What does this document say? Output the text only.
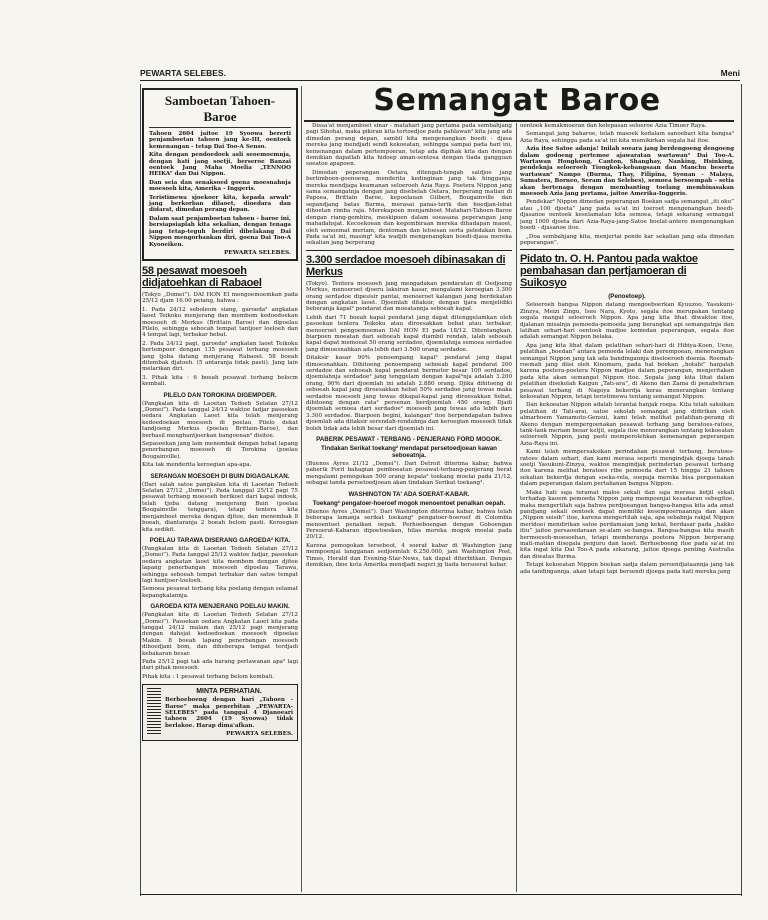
PEWARTA SELEBES.	Meni
Samboetan Tahoen-Baroe

Tahoen 2604 jaitoe 19 Syoowa bererti penjamboetan tahoen jang ke-III, oentoek kemenangan - tetap Dai Too-A Senso.

Kita dengan pendoedoek asli seoemoemnja, dengan hati jang soetji, berseroe Banzai oentoek Jang Maha Moelia „TENNOO HEIKA” dan Dai Nippon.

Dan seia dan senaksoed goena moesnahnja moesoeh kita, Amerika - Inggeris.

Teristimewa sjoekoer kita, kepada arwah² jang berkorban dilaoet, dioedara dan didarat, dimedan perang depan.

Dalam saat penjamboetan tahoen - baroe ini, bersiapsiaplah kita sekalian, dengan tenaga jang tetap-teguh berdiri dibelakang Dai Nippon mengorbankan diri, goena Dai Too-A Kyooeiken.

PEWARTA SELEBES.
58 pesawat moesoeh didjatoehkan di Rabaoel

(Tokyo „Domei”). DAI HON EI mengoemoemkan pada 25/12 djam 16.00 petang, bahwa :

1. Pada 24/12 seboleom siang, garoeda² angkatan laoet Teikoku menjerang dan membom kedoedoekan moesoeh di Merkus (Brittain Baroe) dan dipoelau Pilelo, sehingga sebocah tempat tantjoer loeloeh dan 4 tempat lagi, terbakar hebat.

2. Pada 24/12 pagi, garoeda² angkatan laoet Teikoku bertempoer dengan 135 pesawat terbang moesoeh jang tjoba datang menjerang Rabaoel. 58 boeah ditembak djatoeh. (5 antaranja tidak pasti). Jang lain melarikan diri.

3. Pihak kita : 6 boeah pesawat terbang belocm kembali.

PILELO DAN TOROKINA DIGEMPOER.

(Pangkalan kita di Laoetan Tedoeh Selatan 27/12 „Domei”). Pada tanggal 24/12 waktoe fadjar pasoekan oedara Angkatan Laoet kita telah menjerang kedoedoekan moesoeh di poelau Pilelo dekat tandjoeng Merkus (poelau Brittain-Baroe), dan berhasil menghantjoerkan bangoenan² disitoe.

Sepasoekan jang lain menembak dengan hebat lapang penerbangan moesoeh di Torokina (poelau Bougainville).

Kita tak menderita keroegian apa-apa.

SERANGAN MOESOEH DI BUIN DIGAGALKAN.

(Dari salah satoe pangkalan kita di Laoetan Tedoeh Selatan 27/12 „Domei”). Pada tanggal 25/12 pagi 75 pesawat terbang moesoeh berikoet dari kapal indoek, telah tjoba datang menjerang Buin (poelau Bougainville tenggara), tetapi tentera kita menjamboet mereka dengan djitoe, dan menembak 8 boeah, diantaranja 2 boeah belom pasti. Keroegian kita sedikit.

POELAU TARAWA DISERANG GAROEDA² KITA.

(Pangkalan kita di Laoetan Tedoeh Selatan 27/12 „Domei”). Pada tanggal 25/12 waktoe fadjar, pasoekan oedara angkatan laoet kita membom dengan djitoe lapang penerbangan moesoeh dipoelau Tarawa, sehingga seboeah tempat terbakar dan satoe tempat lagi hantjoer-loeloeh.

Semoea pesawat terbang kita poelang dengan selamat kepangkalannja.

GAROEDA KITA MENJERANG POELAU MAKIN.

(Pangkalan kita di Laoetan Tedoeh Selatan 27/12 „Domei”). Pasoekan oedara Angkatan Laoet kita pada tanggal 24/12 malam dan 25/12 pagi menjerang dengan dahsjat kedoedoekan moesoeh dipoelau Makin. 8 boeah lapang penerbangan moesoeh dihoedjani bom, dan diheberapa tempat terdjadi kebakaran besar.

Pada 25/12 pagi tak ada barang perlawanan apa² lagi dari pihak moesoeh.

Pihak kita : 1 pesawat terbang belom kembali.

MINTA PERHATIAN.

Berhoeboeng dengan hari „Tahoen - Baroe” maka penerbitan „PEWARTA-SELEBES” pada tanggal 4 Djanoeari tahoen 2604 (19 Syoowa) tidak berlakoe. Harap dima'afkan.

PEWARTA SELEBES.
Semangat Baroe

Dissa'at menjamboet sinar - matahari jang pertama pada sembahjang pagi Sihohai, maka pikiran kita tertoedjoe pada pahlawan² kita jang ada dimedan perang depan, sambil kita mengenangkan boedi - djasa mereka jang mendjadi sendi kekoeatan, sehingga sampai pada hari ini, kemenangan dalam pertempoeran, tetap ada dipihak kita dan dengan demikian dapatlah kita hidoep aman-sentosa dengan tiada gangguan soeatoe apapoen.

Dimedan peperangan Oetara, ditengah-tengah saldjoe jang bertimboen-goenoeng, menderita kedinginan jang tak hingganja, mereka mendjaga keamanan seloeroeh Azia Raya. Poetera Nippon jang sama semangatnja dengan jang disebelah Oetara, berperang matian di Papoea, Brittain Baroe, kepoelauan Gilbert, Bougainville dan sepandjang batas Burma, merasai panas-terik dan hoedjan-lebat dihoetan rimba raja. Merekapoen menjamboet Matahari-Tahoen-Baroe dengan riang-gembira, meskipoen dalam soeasana peperangan jang mahadahsjat. Kecoekoean dan kegembiraan mereka dihadapan maoet, oleh semoemat meriam, dentoman dan letoesan serta peledakan bom. Pada sa'at ini, masing² kita wadjib mengenangkan boedi-djasa mereka sekalian jang berperang

3.300 serdadoe moesoeh dibinasakan di Merkus

(Tokyo). Tentera moesoeh jang mengadakan pendaratan di Oedjoeng Merkus, menoeroet djoeru laksiran kasar, mengalami keroegian 3.300 orang serdadoe dipesisir pantai, menoeroet kalangan jang berdekatan dengan angkatan laoet. Djoemlah ditaksir, dengan tjara menjelidiki beberanja kapal² pendarat dan moeatannja seboeah kapal.

Lebih dari 71 boeah kapal pendarat jang dapat ditenggelamkan oleh pasoekan tentera Teikoku atau diroesakkan hebat atau terbakar, menoeroet pengoemoeman DAI HON EI pada 18/12. Ditentangkan, biarpoen moeatan dari seboeah kapal diambil rendah, ialah seboeah kapal dapat memoeat 50 orang serdadoe, djoemlahnja semoea serdadoe jang dimoesnahkan ada lebih dari 3.500 orang serdadoe.

Ditaksir kasar 90% penoempang kapal² pendarat jang dapat dimoesnahkan. Dihitoeng penoempang seboeah kapal pendarat 200 serdadoe dan seboeah kapal pendarat bermotor besar 100 serdadoe, djoemlahnja serdadoe² jang tenggelam dengan kapal²nja adalah 3.200 orang, 90% dari djoemlah ini adalah 2.880 orang. Djika dihitoeng di seboeah kapal jang diroesakkan hebat 50% serdadoe jang tewas maka serdadoe moesoeh jang tewas dikapal-kapal jang diroesakkan hebat, dihitoeng dengan rata² persenan berdjoemlah 450 orang. Djadi djoemlah semoea dari serdadoe² moesoeh jang tewas ada lebih dari 3.300 serdadoe. Biarpoen begini, kalangan² itoe berpendapatan bahwa djoemlah ada ditaksir serendah-rendahnja dan keroegian moesoeh tidak boleh tidak ada lebih besar dari djoemlah ini.

PABERIK PESAWAT - TERBANG - PENJERANG FORD MOGOK.
Tindakan Serikat toekang² mendapat persetoedjoean kawan seboeatnja.

(Buenos Ayres 21/12 „Domei”). Dari Detroit diterima kabar, bahwa paberik Ford bahagian pemboeatan pesawat-terbang-penjerang berat mengalami pemogokan 500 orang kepala² toekang moelai pada 21/12, sebagai tanda persetoedjoean akan tindakan Serikat toekang².

WASHINGTON TA' ADA SOERAT-KABAR.
Toekang² pengatoer-hoeroef mogok menoentoet penalkan oepah.

(Buenos Ayres „Domei”). Dari Washington diterima kabar, bahwa telah beberapa lamanja serikat toekang² pengatoer-hoeroef di Colombia menoentoet penaikan oepah. Perhoeboengan dengan Goboengan Persoerat-Kabaran dipoetoeskan, hilas mereka mogok moelai pada 20/12.

Karena pemogokan tersebeot, 4 soerat kabar di Washington jang mempoenjai langganan sedjoemlah 6.250.000, jani Washington Post, Times, Herald dan Evening-Star-News, tak dapat diterbitkan. Dengan demikian, iboe kota Amerika mendjadi negeri jg tiada bersoerat kabar.

oentoek kemakmoeran dan kelepasan seloeroe Azia Timoer Raya.

Semangat jang baharoe, telah masoek kedalam sanoebari kita bangsa² Azia Raya, sehingga pada sa'at ini kita memikirkan segala hal itoe.

Azia itoe Satoe adanja! Inilah soeara jang berdengoeng dengoeng dalam godoeng pertemoe ajawaratan wartawan² Dai Too-A. Wartawan Hongkong, Canton, Shanghay, Nanking, Hsinking, pendeknja seloeroeh Tiongkok-kebangsaan dan Manchu beserta wartawan² Nampo (Burma, Thay, Filipina, Syonan - Malaya, Sumatera, Borneo, Seram dan Selebes), semoea bersoempah - setia akan bertenaga dengan membanting toelang membinasakan moesoeh Azia jang pertama, jaitoe Amerika-Inggeris.

Pendekar² Nippon dimedan peperangan Boekan sadja semangat „iti oku” atau „100 djoeta” jang pada sa'at ini toeroet mengenangkan boedi-djasanoe oentoek keselamatan kita semoea, tetapi sekarang semangat jang 1000 djoeta dari Azia-Raya-jang-Satoe boelat-antero mengenangkan boedi - djasanoe itoe.

„Doa sembahjang kita, menjertai pende kar sekalian jang ada dimedan peperangan”.

Pidato tn. O. H. Pantou pada waktoe pembahasan dan pertjamoeran di Suikosyo
(Penoetoep).

Seloeroeh bangsa Nippon datang mengoeboerkan Kyuuzoo, Yasukuni-Zinzya, Meizi Zingu, Isee Nara, Kyoto, segala itoe merupakan tentang segala mangat seloeroeh Nippon. Apa jang kita lihat diwaktoe itoe, djalanan misalnja pemoeda-pemoeda jang berangkat api semangatnja dan latihan sehari-hari oentoek madjoe kemedan peperangan, segala itoe adalah semangat Nippon belaka.

Apa jang kita lihat dalam pelatihan sehari-hari di Hibiya-Koen, Ueno, pelatihan „boedan” antara pemoeda lelaki dan perempoean, menerangkan semangat Nippon jang tak ada bandingannja diseloeroeh doenia. Roemah-roemah jang diisi oleh Kinomaru, pada hal boekan „hotabi” hanjalah karena poetera-poetera Nippon madjoe dalam peperangan, menjeritakan pada kita akan semangat Nippon itoe. Segala jang kita lihat dalam pelatihan disekolah Kaigun „Tati-ara”, di Akeno dan Zama di penabehrian pesawat terbang di Nagoya bekerdja keras menerangkan tentang kekoeatan Nippon, tetapi teristimewa tentang semangat Nippon.

Dan kekoeatan Nippon adalah terantai banjak roepa. Kita telah saksikan pelatihan di Tati-arai, satoe sekolah semangat jang didirikan oleh almarhoem Yamamoto-Gensui, kami telah melihat pelatihan-perang di Akeno dengan mempergoenakan pesawat terbang jang beratoes-ratoes, tank-tank meriam besar ketjil, segala itoe menerangkan tentang kekoeatan seloeroeh Nippon, jang pasti memperolehkan kemenangan peperangan Azia-Raya ini.

Kami telah mempersaksikan perindahan pesawat terbang, beratoes-ratoes dalam sehari, dan kami merasa seperti mengindjak djoega tanah soetji Yasukuni-Zinzya, waktoe mengindjak perinderian pesawat terbang itoe karena melihat beratoes ribe pemoeda dari 15 hingga 21 tahoen sekalian bekerdja dengan soeka-rela, soepaja mereka bisa pergoenakan dalam peperangan dalam pertahanan bangsa Nippon.

Maka hati saja teramat maloe sekali dan saja merasa ketjil sekali terhadap kaoem pemoeda Nippon jang mempoenjai kesadaran sebegitoe, maka mengertilah saja bahwa perdjoeangan bangsa-bangsa kita ada amat pandjang sekali oentoek dapat memiliki kesempoernaannja dan akan „Nippon seisih” itoe, karena mengertilah saja, apa sebabnja rakjat Nippon meridoei mendirikan satoe perdamaian jang kekal, berdasar pada „hakko itiu” jaitoe persaoedaraan se-alam se-bangsa. Bangsa-bangsa kita masih bermoesoh-moesoehan, tetapi memberanja poetera Nippon berperang mati-matian disegala penjuru dan laoet. Berhoeboeng itoe pada sa'at ini kita ingat kita Dai Too-A pada sekarang, jaitoe djoega penting Australia dan diwatas Burma.

Tetapi kekoeatan Nippon boekan sadja dalam persendjataannja jang tak ada tandingannja, akan tetapi tapi bersendi djoega pada hati mereka jang
